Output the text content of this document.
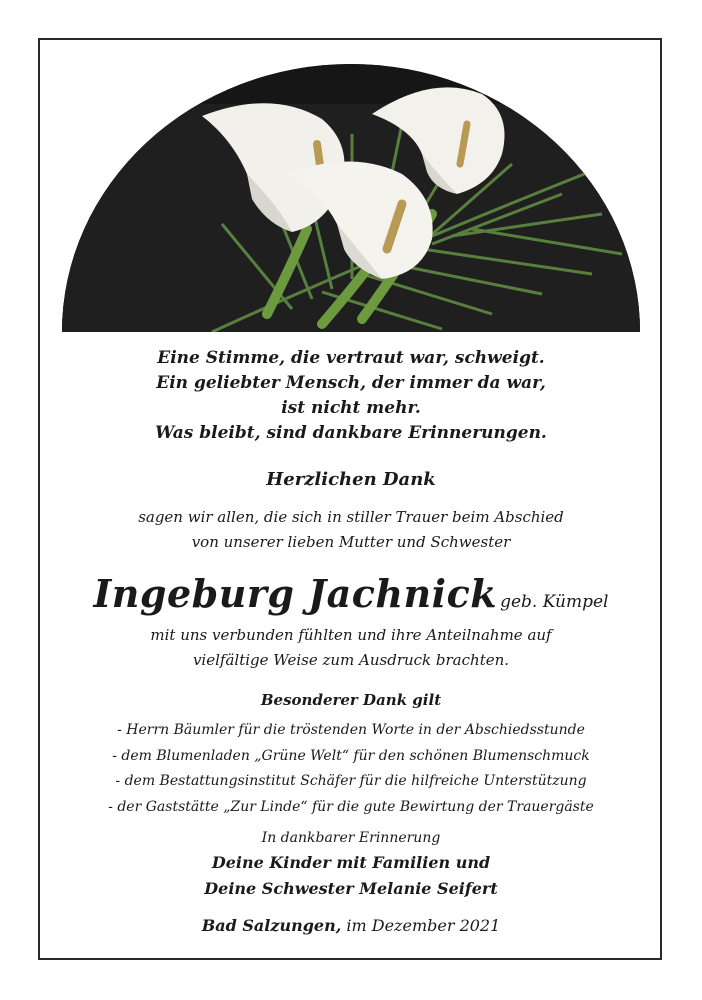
Eine Stimme, die vertraut war, schweigt.
Ein geliebter Mensch, der immer da war,
ist nicht mehr.
Was bleibt, sind dankbare Erinnerungen.
Herzlichen Dank
sagen wir allen, die sich in stiller Trauer beim Abschied
von unserer lieben Mutter und Schwester
Ingeburg Jachnick geb. Kümpel
mit uns verbunden fühlten und ihre Anteilnahme auf
vielfältige Weise zum Ausdruck brachten.
Besonderer Dank gilt
- Herrn Bäumler für die tröstenden Worte in der Abschiedsstunde
- dem Blumenladen „Grüne Welt“ für den schönen Blumenschmuck
- dem Bestattungsinstitut Schäfer für die hilfreiche Unterstützung
- der Gaststätte „Zur Linde“ für die gute Bewirtung der Trauergäste
In dankbarer Erinnerung
Deine Kinder mit Familien und
Deine Schwester Melanie Seifert
Bad Salzungen, im Dezember 2021
